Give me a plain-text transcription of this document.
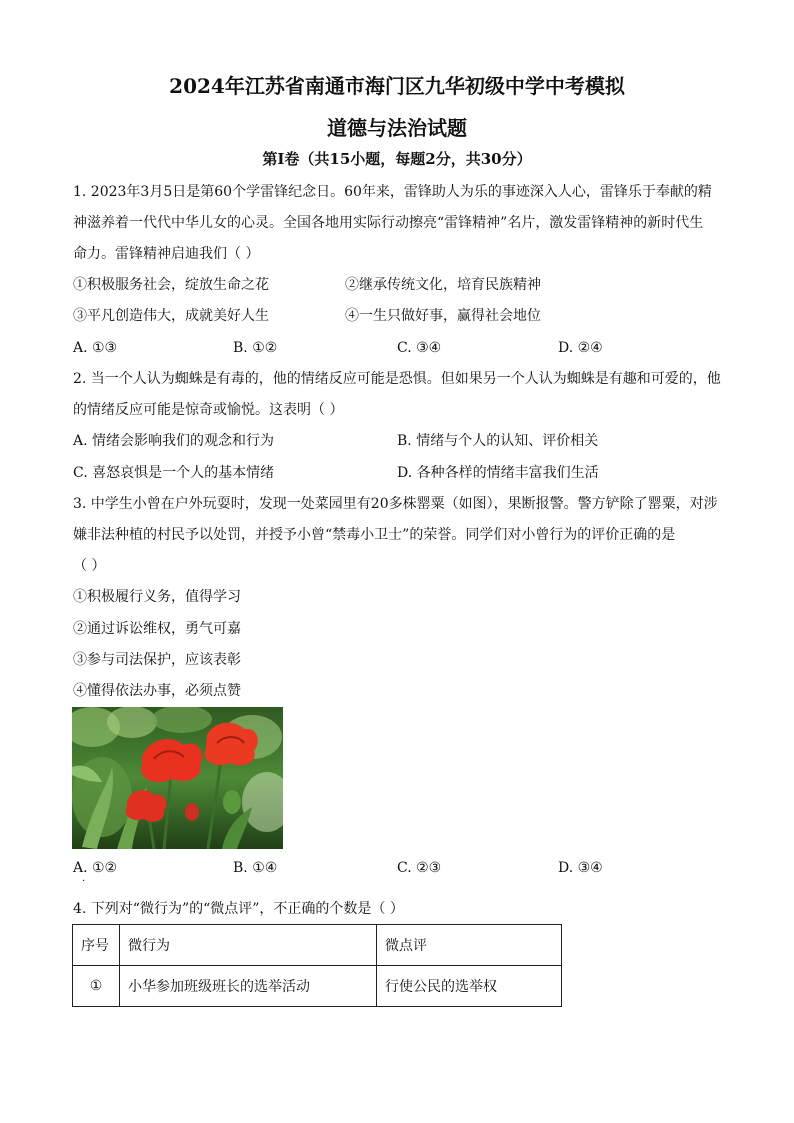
2024年江苏省南通市海门区九华初级中学中考模拟
道德与法治试题
第Ⅰ卷（共15小题，每题2分，共30分）
1. 2023年3月5日是第60个学雷锋纪念日。60年来，雷锋助人为乐的事迹深入人心，雷锋乐于奉献的精
神滋养着一代代中华儿女的心灵。全国各地用实际行动擦亮“雷锋精神”名片，激发雷锋精神的新时代生
命力。雷锋精神启迪我们（ ）
①积极服务社会，绽放生命之花	②继承传统文化，培育民族精神
③平凡创造伟大，成就美好人生	④一生只做好事，赢得社会地位
A. ①③	B. ①②	C. ③④	D. ②④
2. 当一个人认为蜘蛛是有毒的，他的情绪反应可能是恐惧。但如果另一个人认为蜘蛛是有趣和可爱的，他
的情绪反应可能是惊奇或愉悦。这表明（ ）
A. 情绪会影响我们的观念和行为	B. 情绪与个人的认知、评价相关
C. 喜怒哀惧是一个人的基本情绪	D. 各种各样的情绪丰富我们生活
3. 中学生小曾在户外玩耍时，发现一处菜园里有20多株罂粟（如图），果断报警。警方铲除了罂粟，对涉
嫌非法种植的村民予以处罚，并授予小曾“禁毒小卫士”的荣誉。同学们对小曾行为的评价正确的是
（ ）
①积极履行义务，值得学习
②通过诉讼维权，勇气可嘉
③参与司法保护，应该表彰
④懂得依法办事，必须点赞
A. ①②	B. ①④	C. ②③	D. ③④
·
4. 下列对“微行为”的“微点评”，不正确的个数是（ ）
序号	微行为	微点评
①	小华参加班级班长的选举活动	行使公民的选举权
